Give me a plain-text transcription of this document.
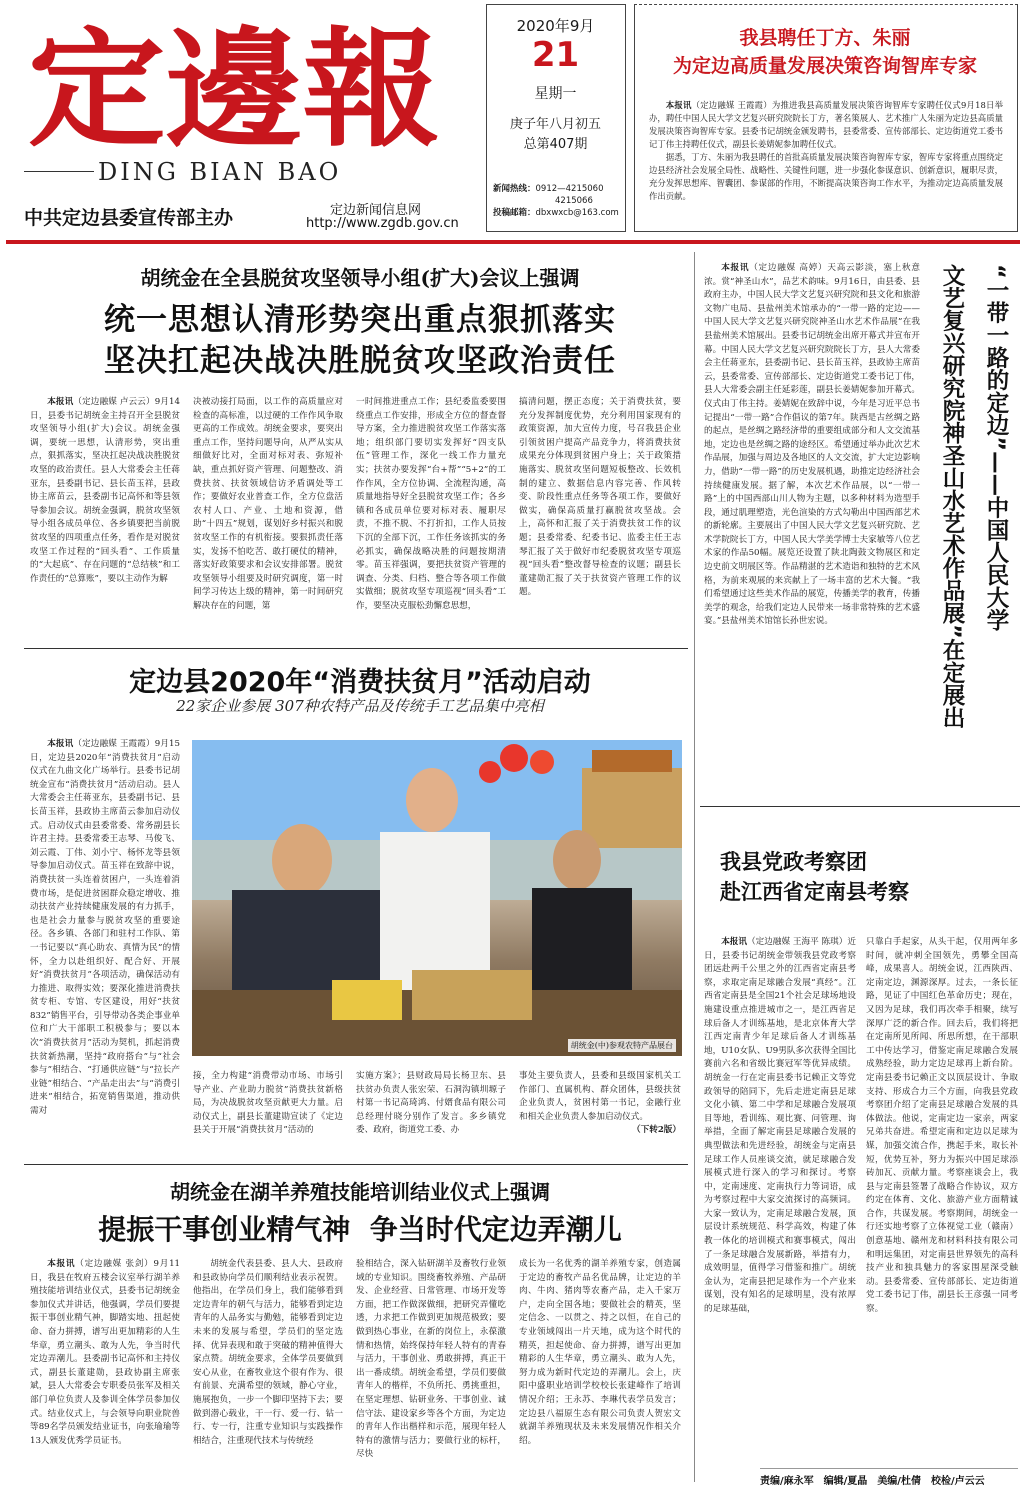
定邊報
DING BIAN BAO
中共定边县委宣传部主办	定边新闻信息网
http://www.zgdb.gov.cn
2020年9月
21
星期一
庚子年八月初五
总第407期
新闻热线：0912—4215060
4215066
投稿邮箱：dbxwxcb@163.com
我县聘任丁方、朱丽
为定边高质量发展决策咨询智库专家

本报讯（定边融媒 王霞霞）为推进我县高质量发展决策咨询智库专家聘任仪式9月18日举办，聘任中国人民大学文艺复兴研究院院长丁方，著名策展人、艺术推广人朱丽为定边县高质量发展决策咨询智库专家。县委书记胡统金颁发聘书，县委常委、宣传部部长、定边街道党工委书记丁伟主持聘任仪式，副县长姜婧妮参加聘任仪式。

据悉，丁方、朱丽为我县聘任的首批高质量发展决策咨询智库专家，智库专家将重点围绕定边县经济社会发展全局性、战略性、关键性问题，进一步强化参谋意识、创新意识，履职尽责，充分发挥思想库、智囊团、参谋部的作用，不断提高决策咨询工作水平，为推动定边高质量发展作出贡献。

胡统金在全县脱贫攻坚领导小组(扩大)会议上强调
统一思想认清形势突出重点狠抓落实
坚决扛起决战决胜脱贫攻坚政治责任

本报讯（定边融媒 卢云云）9月14日，县委书记胡统金主持召开全县脱贫攻坚领导小组(扩大)会议。胡统金强调，要统一思想，认清形势，突出重点，狠抓落实，坚决扛起决战决胜脱贫攻坚的政治责任。县人大常委会主任蒋亚东，县委副书记、县长苗玉祥，县政协主席苗云，县委副书记高怀和等县领导参加会议。胡统金强调，脱贫攻坚领导小组各成员单位、各乡镇要把当前脱贫攻坚的四项重点任务，看作是对脱贫攻坚工作过程的“回头看”、工作质量的“大起底”、存在问题的“总结核”和工作责任的“总算账”，要以主动作为解

决被动接打局面，以工作的高质量应对检查的高标准，以过硬的工作作风争取更高的工作成效。胡统金要求，要突出重点工作，坚持问题导向，从严从实从细做好比对，全面对标对表、弥短补缺，重点抓好资产管理、问题整改、消费扶贫、扶贫领域信访矛盾调处等工作；要做好农业普查工作，全方位盘活农村人口、产业、土地和资源，借助“十四五”规划，谋划好乡村振兴和脱贫攻坚工作的有机衔接。要狠抓责任落实，发扬不怕吃苦、敢打硬仗的精神，落实好政策要求和会议安排部署。脱贫攻坚领导小组要及时研究调度，第一时间学习传达上级的精神，第一时间研究解决存在的问题，第

一时间推进重点工作；县纪委监委要围绕重点工作安排，形成全方位的督查督导方案，全力推进脱贫攻坚工作落实落地；组织部门要切实发挥好“四支队伍”管理工作，深化一线工作力量充实；扶贫办要发挥“台+帮”“5+2”的工作作风，全方位协调、全流程沟通，高质量地指导好全县脱贫攻坚工作；各乡镇和各成员单位要对标对表、履职尽责，不推不脱、不打折扣，工作人员按下沉的全部下沉，工作任务该抓实的务必抓实，确保战略决胜的问题按期清零。苗玉祥强调，要把扶贫资产管理的调查、分类、归档、整合等各项工作做实做细；脱贫攻坚专项巡视“回头看”工作，要坚决克服松劲懈怠思想，

搞清问题，摆正态度；关于消费扶贫，要充分发挥制度优势，充分利用国家现有的政策资源，加大宣传力度，号召我县企业引领贫困户提高产品竞争力，将消费扶贫成果充分体现到贫困户身上；关于政策措施落实、脱贫攻坚问题短板整改、长效机制的建立、数据信息内容完善、作风转变、阶段性重点任务等各项工作，要做好做实，确保高质量打赢脱贫攻坚战。会上，高怀和汇报了关于消费扶贫工作的议题；县委常委、纪委书记、监委主任王志琴汇报了关于做好市纪委脱贫攻坚专项巡视“回头看”整改督导检查的议题；副县长董建勋汇报了关于扶贫资产管理工作的议题。

定边县2020年“消费扶贫月”活动启动
22家企业参展 307种农特产品及传统手工艺品集中亮相

本报讯（定边融媒 王霞霞）9月15日，定边县2020年“消费扶贫月”启动仪式在九曲文化广场举行。县委书记胡统金宣布“消费扶贫月”活动启动。县人大常委会主任蒋亚东，县委副书记、县长苗玉祥，县政协主席苗云参加启动仪式。启动仪式由县委常委、常务副县长许君主持。县委常委王志琴、马俊飞、刘云霞、丁伟、刘小宁、杨怀龙等县领导参加启动仪式。苗玉祥在致辞中说，消费扶贫一头连着贫困户，一头连着消费市场，是促进贫困群众稳定增收、推动扶贫产业持续健康发展的有力抓手，也是社会力量参与脱贫攻坚的重要途径。各乡镇、各部门和驻村工作队、第一书记要以“真心助农、真情为民”的情怀，全力以赴组织好、配合好、开展好“消费扶贫月”各项活动，确保活动有力推进、取得实效；要深化推进消费扶贫专柜、专馆、专区建设，用好“扶贫832”销售平台，引导带动各类企事业单位和广大干部职工积极参与；要以本次“消费扶贫月”活动为契机，抓起消费扶贫新热潮，坚持“政府搭台”与“社会参与”相结合、“打通供应链”与“拉长产业链”相结合、“产品走出去”与“消费引进来”相结合，拓宽销售渠道，推动供需对

胡统金(中)参观农特产品展台

接，全力构建“消费带动市场、市场引导产业、产业助力脱贫”消费扶贫新格局，为决战脱贫攻坚贡献更大力量。启动仪式上，副县长董建勋宣读了《定边县关于开展“消费扶贫月”活动的

实施方案》；县财政局局长杨卫东、县扶贫办负责人张宏荣、石洞沟镇圳塬子村第一书记高琦鸿、付婿食品有限公司总经理付晓分别作了发言。多乡镇党委、政府，街道党工委、办

事处主要负责人，县委和县级国家机关工作部门、直属机构、群众团体，县级扶贫企业负责人，贫困村第一书记，金融行业和相关企业负责人参加启动仪式。

（下转2版）
胡统金在湖羊养殖技能培训结业仪式上强调
提振干事创业精气神  争当时代定边弄潮儿

本报讯（定边融媒 张剑）9月11日，我县在牧府五楼会议室举行湖羊养殖技能培训结业仪式，县委书记胡统金参加仪式并讲话，他强调，学员们要提振干事创业精气神，脚踏实地、扭起使命、奋力拼搏，谱写出更加精彩的人生华章，勇立潮头、敢为人先，争当时代定边弄潮儿。县委副书记高怀和主持仪式，副县长董建勋，县政协副主席张斌，县人大常委会专职委员张军及相关部门单位负责人及参训全体学员参加仪式。结业仪式上，与会领导向职业院兽等89名学员颁发结业证书，向张瑜瑜等13人颁发优秀学员证书。

胡统金代表县委、县人大、县政府和县政协向学员们顺利结业表示祝贺。他指出，在学员们身上，我们能够看到定边青年的朝气与活力，能够看到定边青年的人品务实与勤勉，能够看到定边未来的发展与希望，学员们的坚定选择、优异表现和敢于突破的精神值得大家点赞。胡统金要求，全体学员要做到安心从业，在畜牧业这个很有作为、很有前景、充满希望的领域，静心守业，施展抱负，一步一个脚印坚持下去；要做到潜心载业，干一行、爱一行、钻一行、专一行，注重专业知识与实践操作相结合，注重现代技术与传统经

验相结合，深入钻研湖羊及畜牧行业领域的专业知识。围绕畜牧养殖、产品研发、企业经营、日常管理、市场开发等方面，把工作做深做细，把研究弄懂吃透，力求把工作做到更加规范极致；要做到热心事业，在新的岗位上，永葆激情和热情，始终保持年轻人特有的青春与活力，干事创业、勇敢拼搏，真正干出一番成绩。胡统金希望，学员们要做青年人的楷样，不负所托、勇挑重担，在坚定理想、钻研业务、干事创业、诚信守法、建设家乡等各个方面，为定边的青年人作出楷样和示范，展现年轻人特有的激情与活力；要做行业的标杆，尽快

成长为一名优秀的湖羊养殖专家，创造属于定边的畜牧产品名优品牌，让定边的羊肉、牛肉、猪肉等农畜产品，走入千家万户，走向全国各地；要做社会的精英，坚定信念、一以贯之、持之以恒，在自己的专业领域闯出一片天地，成为这个时代的精英，担起使命、奋力拼搏，谱写出更加精彩的人生华章，勇立潮头、敢为人先，努力成为新时代定边的弄潮儿。会上，庆阳中盛职业培训学校校长张建峰作了培训情况介绍；王永苏、李琳代表学员发言；定边县八福原生态有限公司负责人贺宏文就湖羊养殖现状及未来发展情况作相关介绍。

本报讯（定边融媒 高婷）天高云影淡，塞上秋意浓。赏“神圣山水”，品艺术韵味。9月16日，由县委、县政府主办，中国人民大学文艺复兴研究院和县文化和旅游文物广电局、县盐州美术馆承办的“一带一路的定边——中国人民大学文艺复兴研究院神圣山水艺术作品展”在我县盐州美术馆展出。县委书记胡统金出席开幕式并宣布开幕。中国人民大学文艺复兴研究院院长丁方，县人大常委会主任蒋亚东，县委副书记、县长苗玉祥，县政协主席苗云，县委常委、宣传部部长、定边街道党工委书记丁伟，县人大常委会副主任延彩莲，副县长姜婧妮参加开幕式。仪式由丁伟主持。姜婧妮在致辞中说，今年是习近平总书记提出“一带一路”合作倡议的第7年。陕西是古丝绸之路的起点，是丝绸之路经济带的重要组成部分和人文交流基地，定边也是丝绸之路的途经区。希望通过举办此次艺术作品展，加强与周边及各地区的人文交流，扩大定边影响力，借助“一带一路”的历史发展机遇，助推定边经济社会持续健康发展。据了解，本次艺术作品展，以“一带一路”上的中国西部山川人物为主题，以多种材料为造型手段，通过肌理塑造，光色渲染的方式勾勒出中国西部艺术的新轮廓。主要展出了中国人民大学文艺复兴研究院、艺术学院院长丁方，中国人民大学美学博士夫家敏等八位艺术家的作品50幅。展览还设置了陕北陶鼓文物展区和定边史前文明展区等。作品精湛的艺术造诣和独特的艺术风格，为前来观展的来宾献上了一场丰富的艺术大餐。“我们希望通过这些美术作品的展览，传播美学的教育，传播美学的观念，给我们定边人民带来一场非常特殊的艺术盛宴。”县盐州美术馆馆长孙世宏说。	“一带一路的定边”——中国人民大学
文艺复兴研究院神圣山水艺术作品展”在定展出
我县党政考察团
赴江西省定南县考察

本报讯（定边融媒 王海平 陈琪）近日，县委书记胡统金带领我县党政考察团远赴两千公里之外的江西省定南县考察，求取定南足球融合发展“真经”。江西省定南县是全国21个社会足球场地设施建设重点推进城市之一，是江西省足球后备人才训练基地，是北京体育大学江西定南青少年足球后备人才训练基地，U10女队、U9男队多次获得全国比赛前六名和省级比赛冠军等优异成绩。胡统金一行在定南县委书记赖正文等党政领导的陪同下，先后走进定南县足球文化小镇、第二中学和足球融合发展项目等地，看训练、观比赛、问管理、询举措，全面了解定南县足球融合发展的典型做法和先进经验，胡统金与定南县足球工作人员座谈交流，就足球融合发展模式进行深入的学习和探讨。考察中，定南速度、定南执行力等词语，成为考察过程中大家交流探讨的高频词。大家一致认为，定南足球融合发展，顶层设计系统规范、科学高效，构建了体教一体化的培训模式和赛事模式，闯出了一条足球融合发展新路，举措有力，成效明显，值得学习借鉴和推广。胡统金认为，定南县把足球作为一个产业来谋划，没有知名的足球明星，没有浓厚的足球基础，

只靠白手起家，从头干起，仅用两年多时间，就冲刺全国领先，勇攀全国高峰，成果喜人。胡统金说，江西陕西、定南定边，渊源深厚。过去，一条长征路，见证了中国红色革命历史；现在，又因为足球，我们再次牵手相聚，续写深厚广泛的新合作。回去后，我们将把在定南所见所闻、所思所想，在干部职工中传达学习，借鉴定南足球融合发展成熟经验，助力定边足球再上新台阶。定南县委书记赖正文以顶层设计、争取支持、形成合力三个方面，向我县党政考察团介绍了定南县足球融合发展的具体做法。他说，定南定边一家亲，两家兄弟共奋进。希望定南和定边以足球为媒，加强交流合作，携起手来，取长补短，优势互补，努力为振兴中国足球添砖加瓦、贡献力量。考察座谈会上，我县与定南县签署了战略合作协议，双方约定在体育、文化、旅游产业方面精诚合作，共谋发展。考察期间，胡统金一行还实地考察了立体视觉工业（赣南）创意基地、赣州龙和材料科技有限公司和明远集团，对定南县世界领先的高科技产业和独具魅力的客家围屋深受触动。县委常委、宣传部部长、定边街道党工委书记丁伟，副县长王彦强一同考察。

责编/麻永军 编辑/夏晶 美编/杜倩 校检/卢云云
